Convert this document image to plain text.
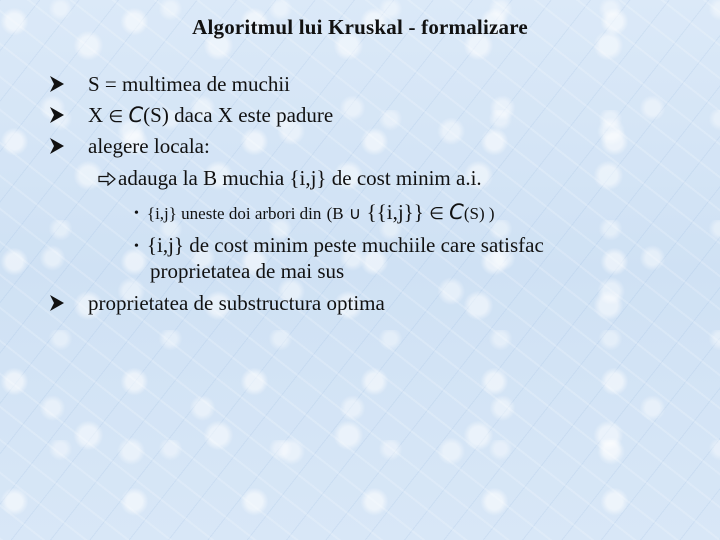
Algoritmul lui Kruskal - formalizare
S = multimea de muchii
X ∈ C(S) daca X este padure
alegere locala:
adauga la B muchia {i,j} de cost minim a.i.
• {i,j} uneste doi arbori din (B ∪ {{i,j}} ∈ C(S) )
• {i,j} de cost minim peste muchiile care satisfac
proprietatea de mai sus
proprietatea de substructura optima
